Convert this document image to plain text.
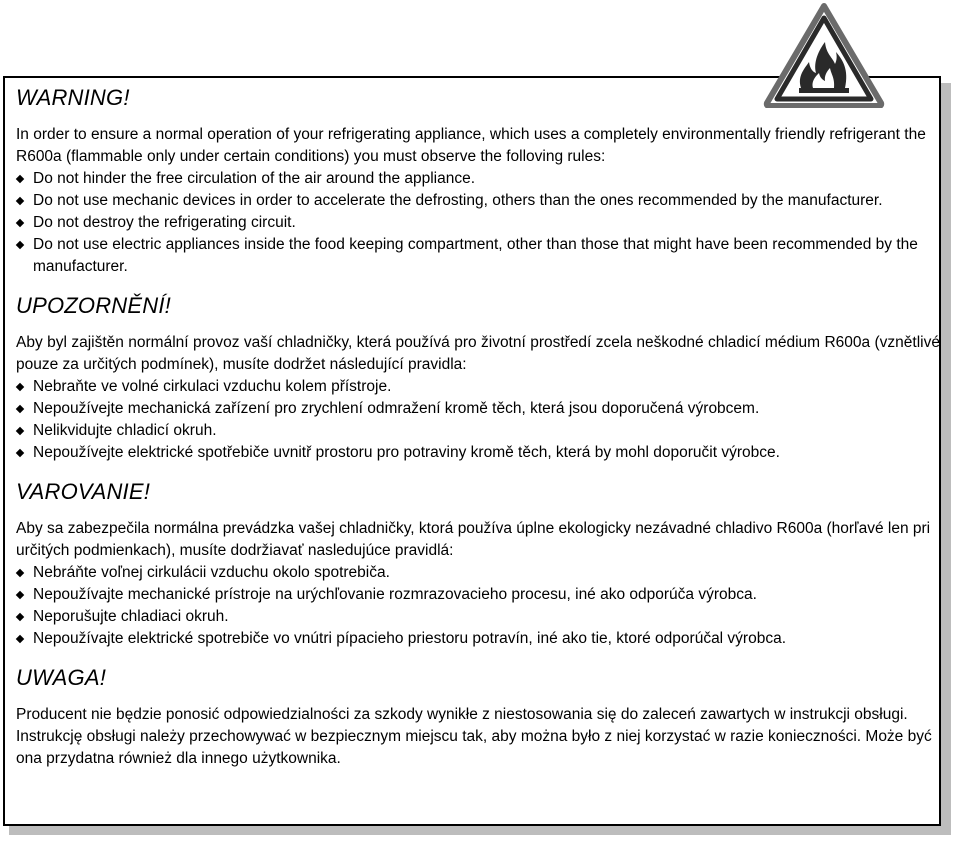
WARNING!

In order to ensure a normal operation of your refrigerating appliance, which uses a completely environmentally friendly refrigerant the R600a (flammable only under certain conditions) you must observe the folloving rules:

Do not hinder the free circulation of the air around the appliance.
Do not use mechanic devices in order to accelerate the defrosting, others than the ones recommended by the manufacturer.
Do not destroy the refrigerating circuit.
Do not use electric appliances inside the food keeping compartment, other than those that might have been recommended by the manufacturer.
UPOZORNĚNÍ!

Aby byl zajištěn normální provoz vaší chladničky, která používá pro životní prostředí zcela neškodné chladicí médium R600a (vznětlivé pouze za určitých podmínek), musíte dodržet následující pravidla:

Nebraňte ve volné cirkulaci vzduchu kolem přístroje.
Nepoužívejte mechanická zařízení pro zrychlení odmražení kromě těch, která jsou doporučená výrobcem.
Nelikvidujte chladicí okruh.
Nepoužívejte elektrické spotřebiče uvnitř prostoru pro potraviny kromě těch, která by mohl doporučit výrobce.
VAROVANIE!

Aby sa zabezpečila normálna prevádzka vašej chladničky, ktorá používa úplne ekologicky nezávadné chladivo R600a (horľavé len pri určitých podmienkach), musíte dodržiavať nasledujúce pravidlá:

Nebráňte voľnej cirkulácii vzduchu okolo spotrebiča.
Nepoužívajte mechanické prístroje na urýchľovanie rozmrazovacieho procesu, iné ako odporúča výrobca.
Neporušujte chladiaci okruh.
Nepoužívajte elektrické spotrebiče vo vnútri pípacieho priestoru potravín, iné ako tie, ktoré odporúčal výrobca.
UWAGA!

Producent nie będzie ponosić odpowiedzialności za szkody wynikłe z niestosowania się do zaleceń zawartych w instrukcji obsługi. Instrukcję obsługi należy przechowywać w bezpiecznym miejscu tak, aby można było z niej korzystać w razie konieczności. Może być ona przydatna również dla innego użytkownika.
